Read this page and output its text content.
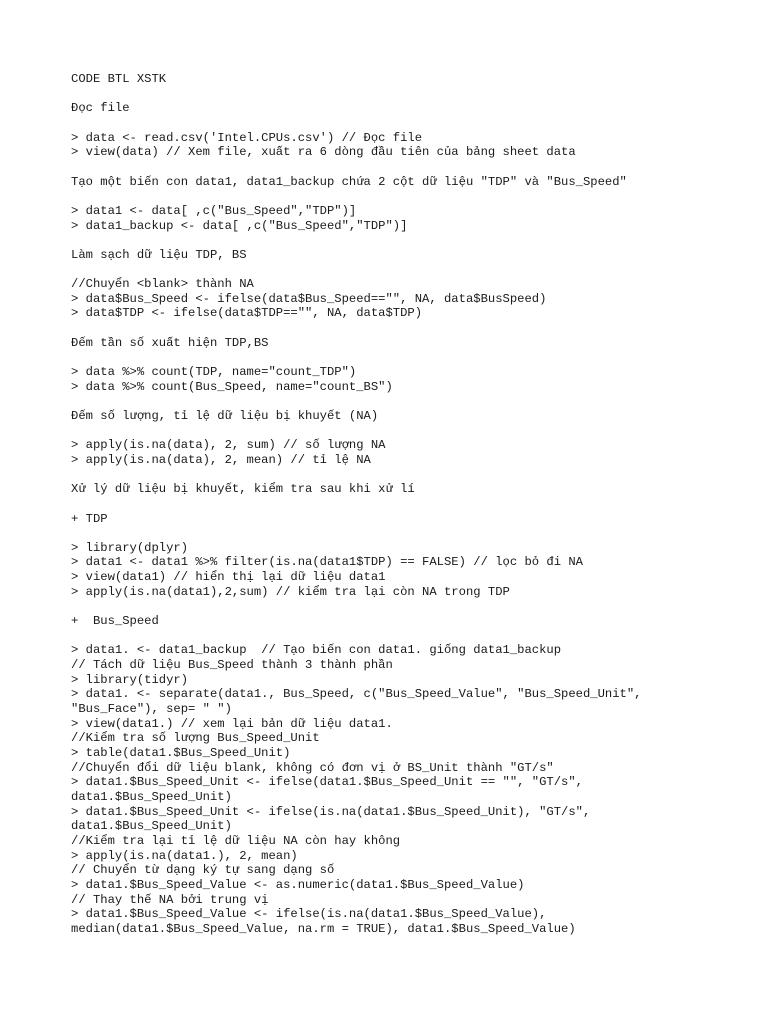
CODE BTL XSTK
Đọc file
> data <- read.csv('Intel.CPUs.csv') // Đọc file
> view(data) // Xem file, xuất ra 6 dòng đầu tiên của bảng sheet data
Tạo một biến con data1, data1_backup chứa 2 cột dữ liệu "TDP" và "Bus_Speed"
> data1 <- data[ ,c("Bus_Speed","TDP")]
> data1_backup <- data[ ,c("Bus_Speed","TDP")]
Làm sạch dữ liệu TDP, BS
//Chuyển <blank> thành NA
> data$Bus_Speed <- ifelse(data$Bus_Speed=="", NA, data$BusSpeed)
> data$TDP <- ifelse(data$TDP=="", NA, data$TDP)
Đếm tần số xuất hiện TDP,BS
> data %>% count(TDP, name="count_TDP")
> data %>% count(Bus_Speed, name="count_BS")
Đếm số lượng, tỉ lệ dữ liệu bị khuyết (NA)
> apply(is.na(data), 2, sum) // số lượng NA
> apply(is.na(data), 2, mean) // tỉ lệ NA
Xử lý dữ liệu bị khuyết, kiểm tra sau khi xử lí
+ TDP
> library(dplyr)
> data1 <- data1 %>% filter(is.na(data1$TDP) == FALSE) // lọc bỏ đi NA
> view(data1) // hiển thị lại dữ liệu data1
> apply(is.na(data1),2,sum) // kiểm tra lại còn NA trong TDP
+  Bus_Speed
> data1. <- data1_backup  // Tạo biến con data1. giống data1_backup
// Tách dữ liệu Bus_Speed thành 3 thành phần
> library(tidyr)
> data1. <- separate(data1., Bus_Speed, c("Bus_Speed_Value", "Bus_Speed_Unit",
"Bus_Face"), sep= " ")
> view(data1.) // xem lại bản dữ liệu data1.
//Kiểm tra số lượng Bus_Speed_Unit
> table(data1.$Bus_Speed_Unit)
//Chuyển đổi dữ liệu blank, không có đơn vị ở BS_Unit thành "GT/s"
> data1.$Bus_Speed_Unit <- ifelse(data1.$Bus_Speed_Unit == "", "GT/s",
data1.$Bus_Speed_Unit)
> data1.$Bus_Speed_Unit <- ifelse(is.na(data1.$Bus_Speed_Unit), "GT/s",
data1.$Bus_Speed_Unit)
//Kiểm tra lại tỉ lệ dữ liệu NA còn hay không
> apply(is.na(data1.), 2, mean)
// Chuyển từ dạng ký tự sang dạng số
> data1.$Bus_Speed_Value <- as.numeric(data1.$Bus_Speed_Value)
// Thay thế NA bởi trung vị
> data1.$Bus_Speed_Value <- ifelse(is.na(data1.$Bus_Speed_Value),
median(data1.$Bus_Speed_Value, na.rm = TRUE), data1.$Bus_Speed_Value)
